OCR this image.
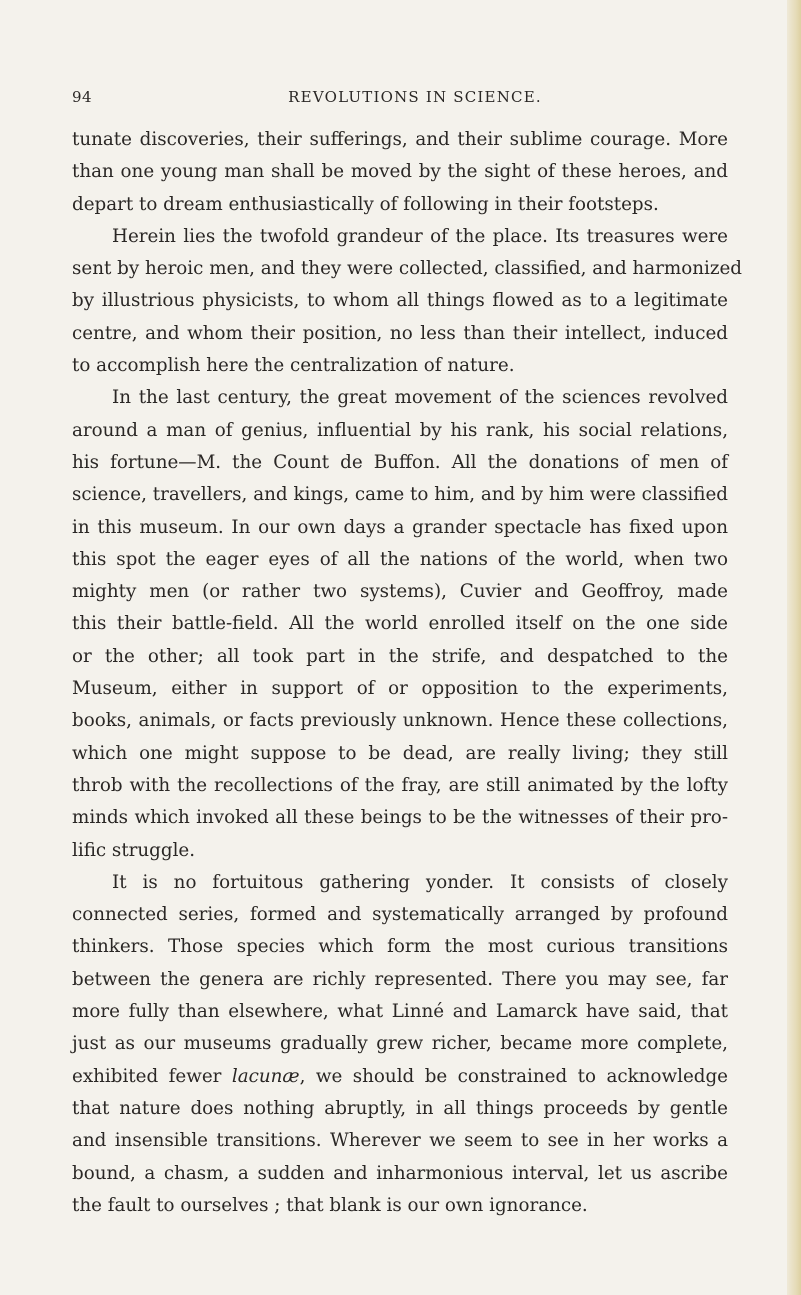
94	REVOLUTIONS IN SCIENCE.
tunate discoveries, their sufferings, and their sublime courage. More
than one young man shall be moved by the sight of these heroes, and
depart to dream enthusiastically of following in their footsteps.
Herein lies the twofold grandeur of the place. Its treasures were
sent by heroic men, and they were collected, classified, and harmonized
by illustrious physicists, to whom all things flowed as to a legitimate
centre, and whom their position, no less than their intellect, induced
to accomplish here the centralization of nature.
In the last century, the great movement of the sciences revolved
around a man of genius, influential by his rank, his social relations,
his fortune—M. the Count de Buffon. All the donations of men of
science, travellers, and kings, came to him, and by him were classified
in this museum. In our own days a grander spectacle has fixed upon
this spot the eager eyes of all the nations of the world, when two
mighty men (or rather two systems), Cuvier and Geoffroy, made
this their battle-field. All the world enrolled itself on the one side
or the other; all took part in the strife, and despatched to the
Museum, either in support of or opposition to the experiments,
books, animals, or facts previously unknown. Hence these collections,
which one might suppose to be dead, are really living; they still
throb with the recollections of the fray, are still animated by the lofty
minds which invoked all these beings to be the witnesses of their pro-
lific struggle.
It is no fortuitous gathering yonder. It consists of closely
connected series, formed and systematically arranged by profound
thinkers. Those species which form the most curious transitions
between the genera are richly represented. There you may see, far
more fully than elsewhere, what Linné and Lamarck have said, that
just as our museums gradually grew richer, became more complete,
exhibited fewer lacunæ, we should be constrained to acknowledge
that nature does nothing abruptly, in all things proceeds by gentle
and insensible transitions. Wherever we seem to see in her works a
bound, a chasm, a sudden and inharmonious interval, let us ascribe
the fault to ourselves ; that blank is our own ignorance.
